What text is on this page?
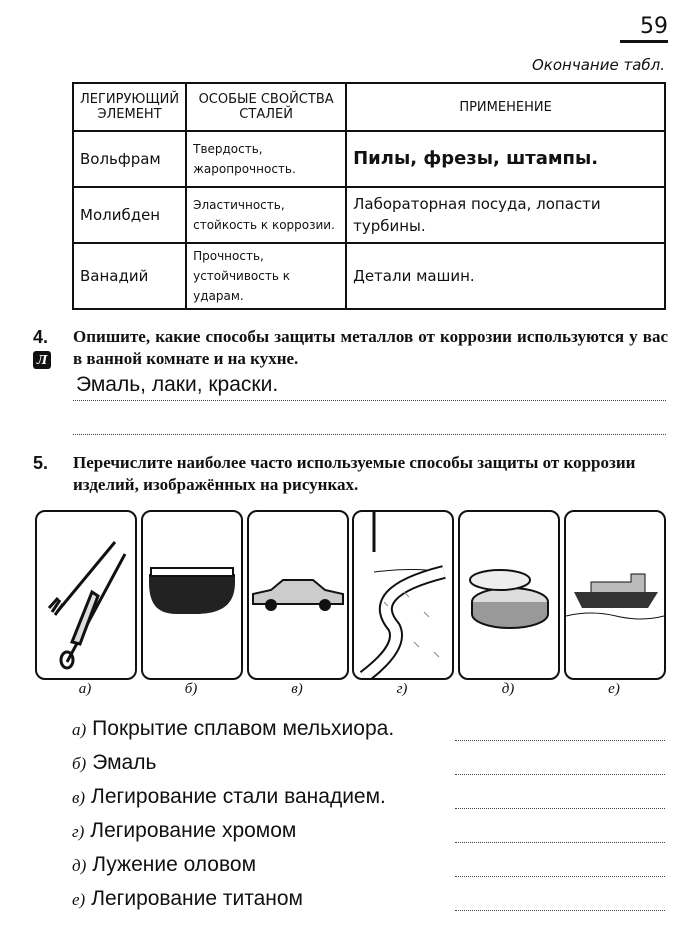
59
Окончание табл.
ЛЕГИРУЮЩИЙ ЭЛЕМЕНТ	ОСОБЫЕ СВОЙСТВА СТАЛЕЙ	ПРИМЕНЕНИЕ
Вольфрам	Твердость, жаропрочность.	Пилы, фрезы, штампы.
Молибден	Эластичность, стойкость к коррозии.	Лабораторная посуда, лопасти турбины.
Ванадий	Прочность, устойчивость к ударам.	Детали машин.
4.
Л
Опишите, какие способы защиты металлов от коррозии используются у вас в ванной комнате и на кухне.
Эмаль, лаки, краски.
5. Перечислите наиболее часто используемые способы защиты от коррозии изделий, изображённых на рисунках.
а)	б)	в)	г)	д)	е)
а) Покрытие сплавом мельхиора.
б) Эмаль
в) Легирование стали ванадием.
г) Легирование хромом
д) Лужение оловом
е) Легирование титаном
